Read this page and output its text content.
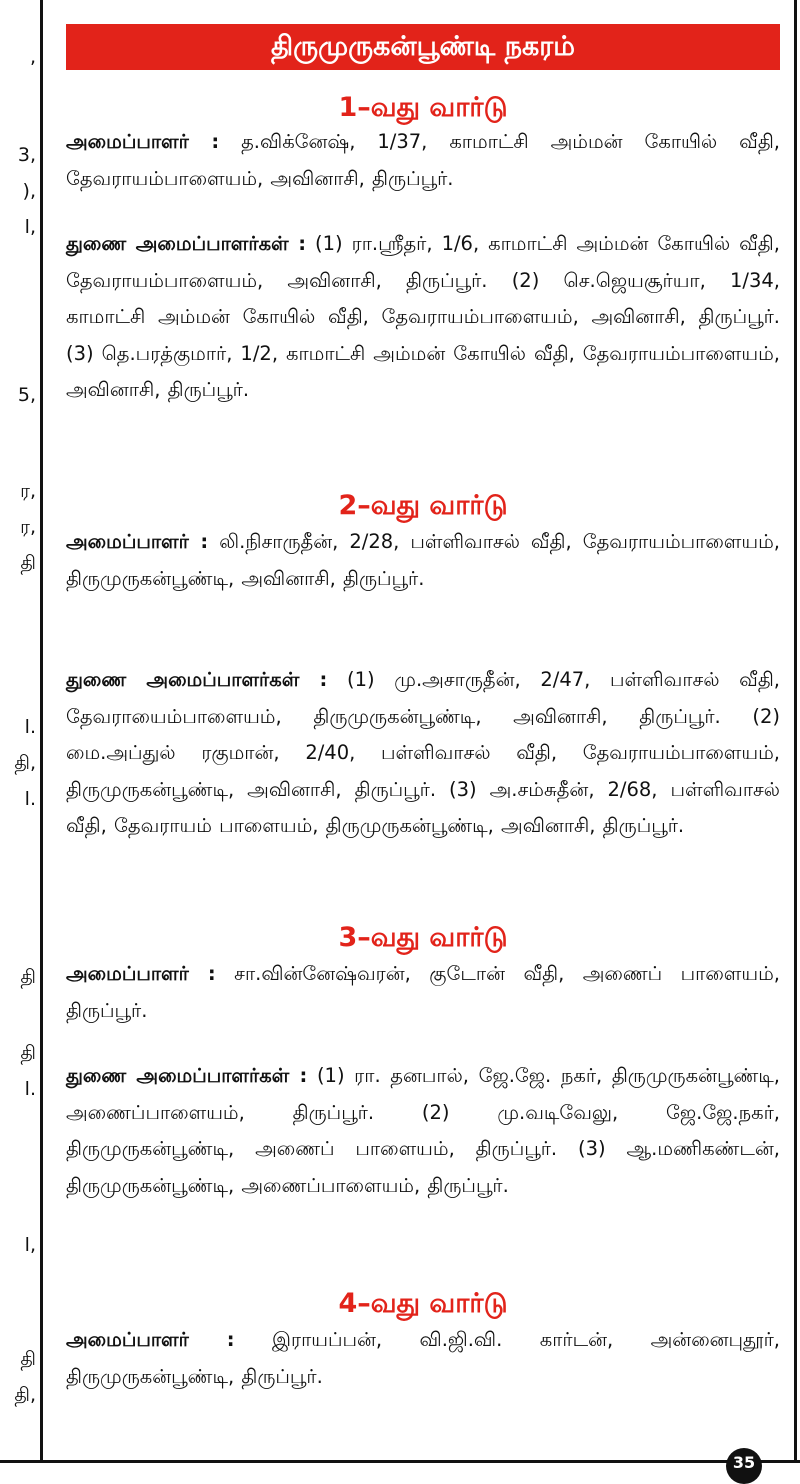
,
3,
),
l,
5,
ர,
ர,
தி
l.
தி,
l.
தி
தி
l.
l,
தி
தி,
திருமுருகன்பூண்டி நகரம்
1–வது வார்டு

அமைப்பாளர் : த.விக்னேஷ், 1/37, காமாட்சி அம்மன் கோயில் வீதி, தேவராயம்பாளையம், அவினாசி, திருப்பூர்.

துணை அமைப்பாளர்கள் : (1) ரா.ஸ்ரீதர், 1/6, காமாட்சி அம்மன் கோயில் வீதி, தேவராயம்பாளையம், அவினாசி, திருப்பூர். (2) செ.ஜெயசூர்யா, 1/34, காமாட்சி அம்மன் கோயில் வீதி, தேவராயம்பாளையம், அவினாசி, திருப்பூர். (3) தெ.பரத்குமார், 1/2, காமாட்சி அம்மன் கோயில் வீதி, தேவராயம்பாளையம், அவினாசி, திருப்பூர்.

2–வது வார்டு

அமைப்பாளர் : லி.நிசாருதீன், 2/28, பள்ளிவாசல் வீதி, தேவராயம்பாளையம், திருமுருகன்பூண்டி, அவினாசி, திருப்பூர்.

துணை அமைப்பாளர்கள் : (1) மு.அசாருதீன், 2/47, பள்ளிவாசல் வீதி, தேவராயைம்பாளையம், திருமுருகன்பூண்டி, அவினாசி, திருப்பூர். (2) மை.அப்துல் ரகுமான், 2/40, பள்ளிவாசல் வீதி, தேவராயம்பாளையம், திருமுருகன்பூண்டி, அவினாசி, திருப்பூர். (3) அ.சம்சுதீன், 2/68, பள்ளிவாசல் வீதி, தேவராயம் பாளையம், திருமுருகன்பூண்டி, அவினாசி, திருப்பூர்.

3–வது வார்டு

அமைப்பாளர் : சா.வின்னேஷ்வரன், குடோன் வீதி, அணைப் பாளையம், திருப்பூர்.

துணை அமைப்பாளர்கள் : (1) ரா. தனபால், ஜே.ஜே. நகர், திருமுருகன்பூண்டி, அணைப்பாளையம், திருப்பூர். (2) மு.வடிவேலு, ஜே.ஜே.நகர், திருமுருகன்பூண்டி, அணைப் பாளையம், திருப்பூர். (3) ஆ.மணிகண்டன், திருமுருகன்பூண்டி, அணைப்பாளையம், திருப்பூர்.

4–வது வார்டு

அமைப்பாளர் : இராயப்பன், வி.ஜி.வி. கார்டன், அன்னைபுதூர், திருமுருகன்பூண்டி, திருப்பூர்.

35
